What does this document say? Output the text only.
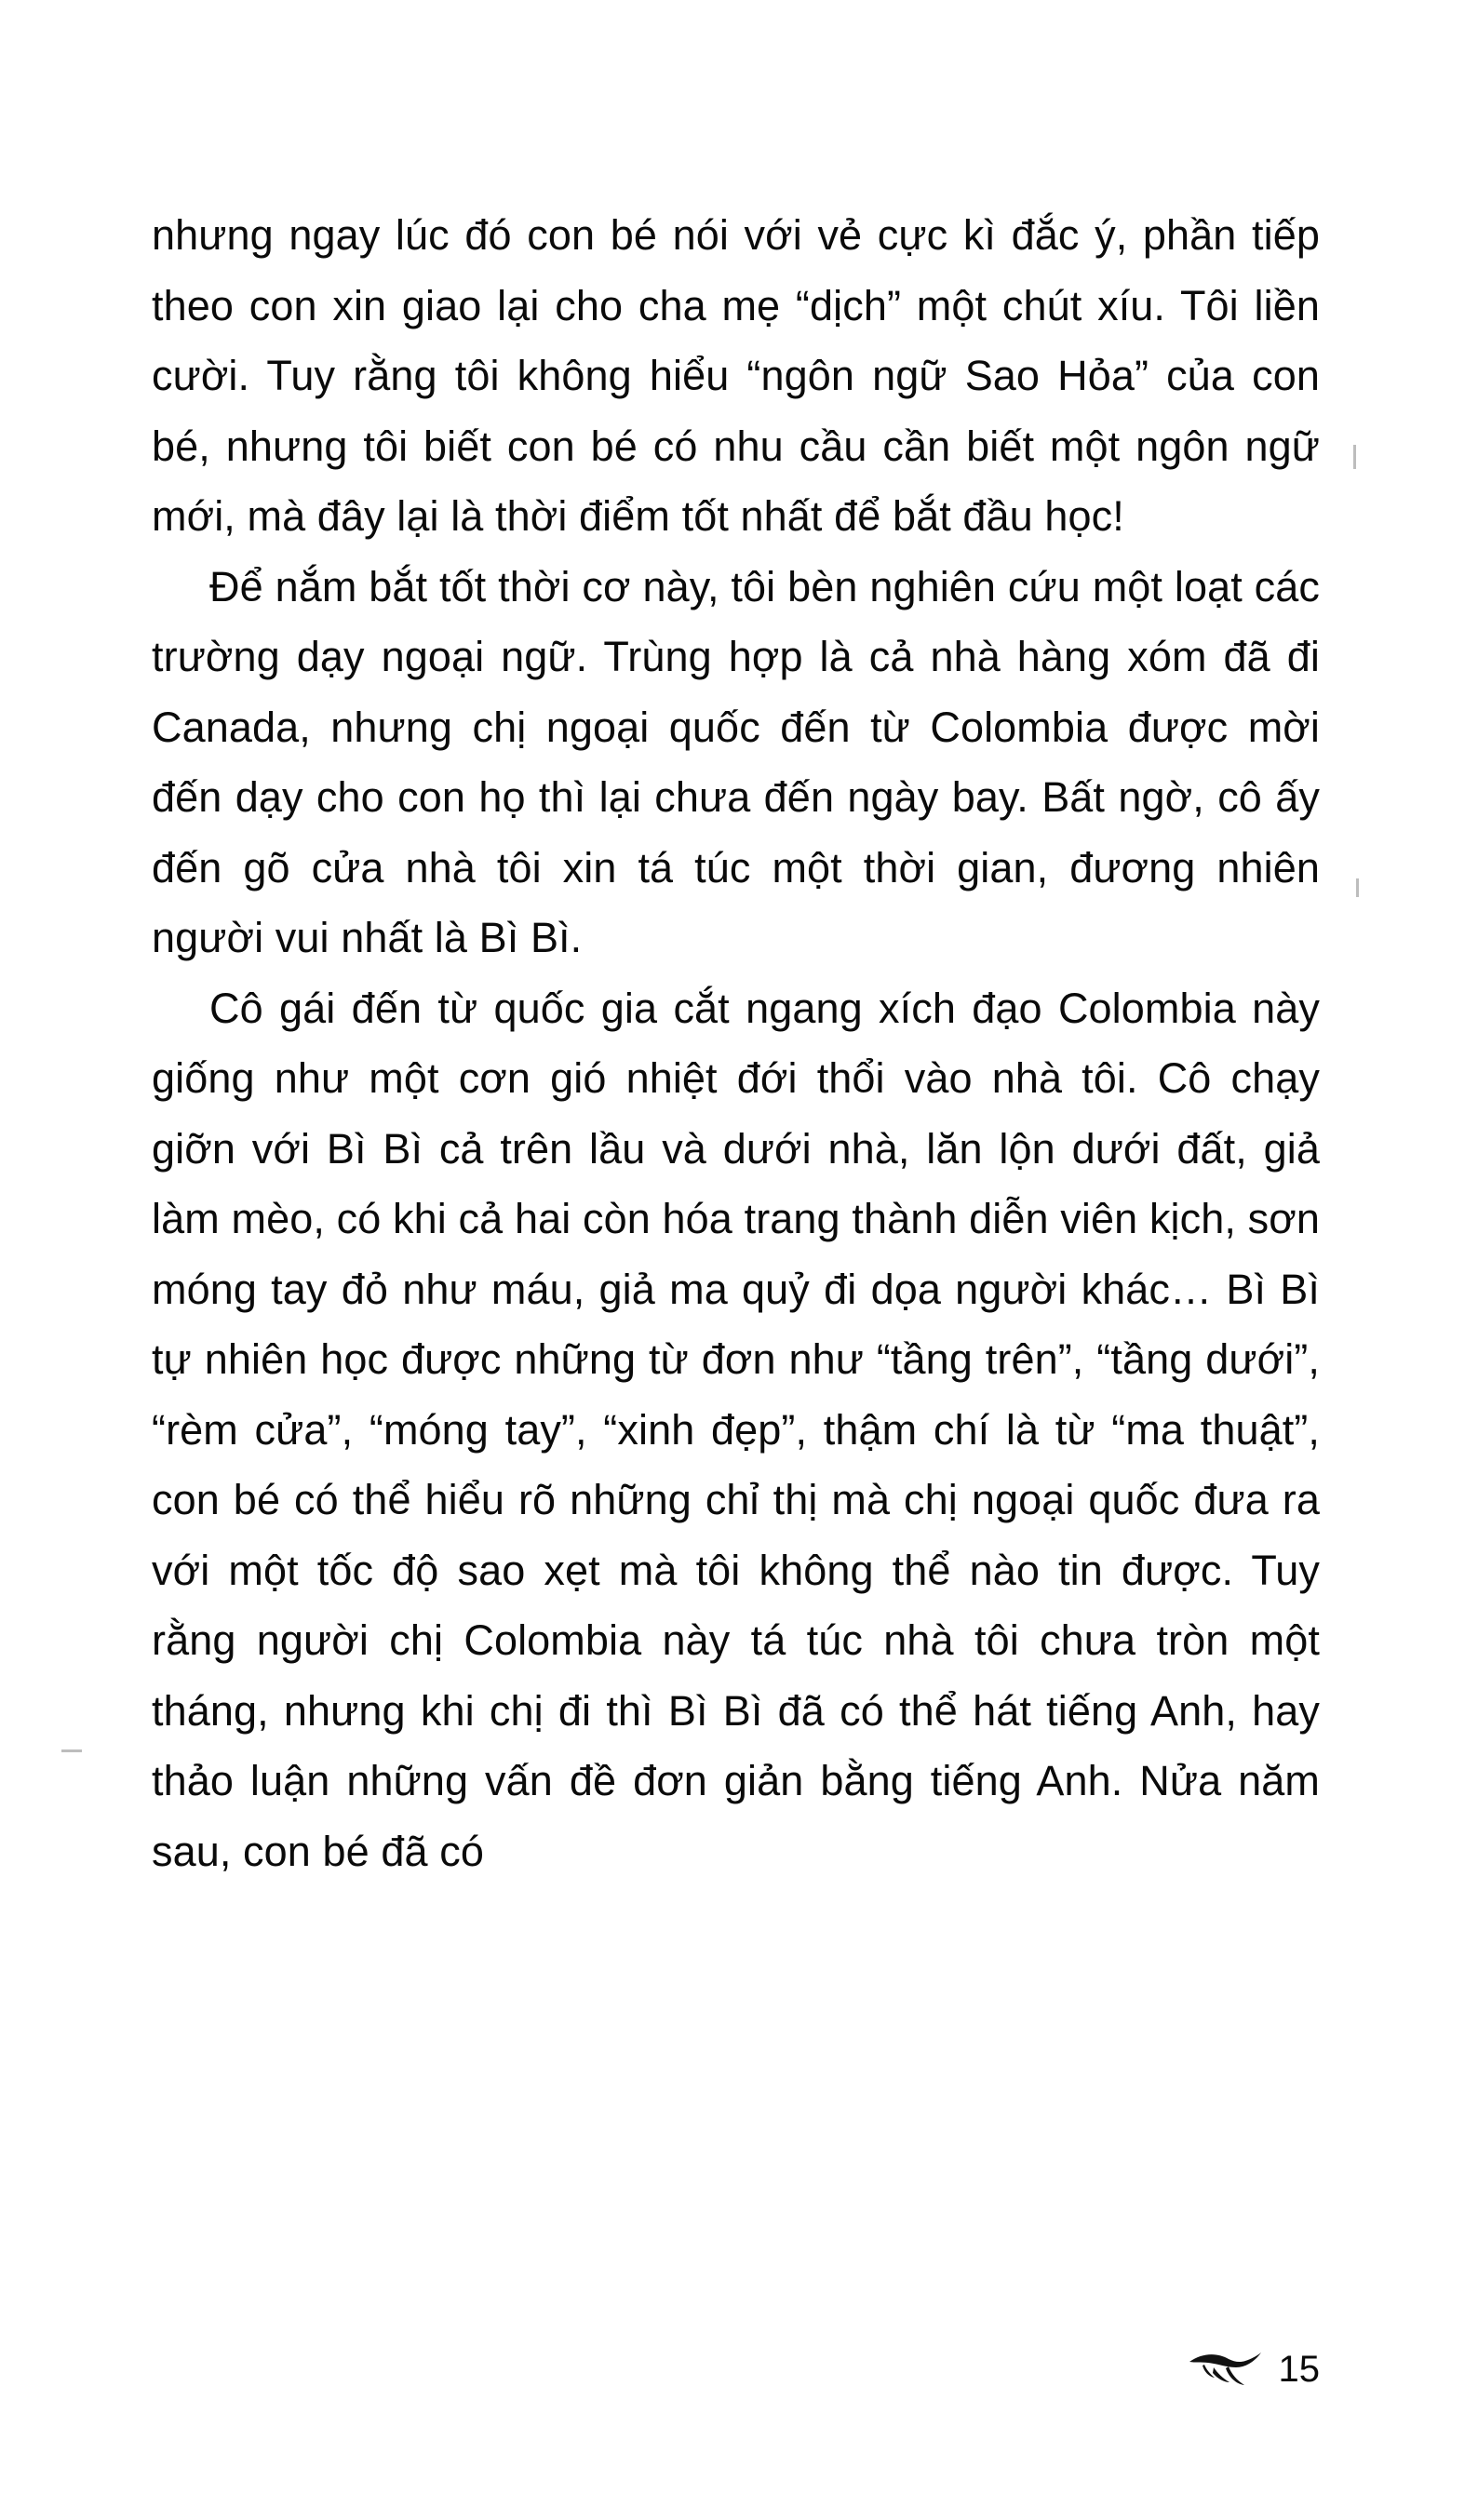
nhưng ngay lúc đó con bé nói với vẻ cực kì đắc ý, phần tiếp theo con xin giao lại cho cha mẹ “dịch” một chút xíu. Tôi liền cười. Tuy rằng tôi không hiểu “ngôn ngữ Sao Hỏa” của con bé, nhưng tôi biết con bé có nhu cầu cần biết một ngôn ngữ mới, mà đây lại là thời điểm tốt nhất để bắt đầu học!

Để nắm bắt tốt thời cơ này, tôi bèn nghiên cứu một loạt các trường dạy ngoại ngữ. Trùng hợp là cả nhà hàng xóm đã đi Canada, nhưng chị ngoại quốc đến từ Colombia được mời đến dạy cho con họ thì lại chưa đến ngày bay. Bất ngờ, cô ấy đến gõ cửa nhà tôi xin tá túc một thời gian, đương nhiên người vui nhất là Bì Bì.

Cô gái đến từ quốc gia cắt ngang xích đạo Colombia này giống như một cơn gió nhiệt đới thổi vào nhà tôi. Cô chạy giỡn với Bì Bì cả trên lầu và dưới nhà, lăn lộn dưới đất, giả làm mèo, có khi cả hai còn hóa trang thành diễn viên kịch, sơn móng tay đỏ như máu, giả ma quỷ đi dọa người khác… Bì Bì tự nhiên học được những từ đơn như “tầng trên”, “tầng dưới”, “rèm cửa”, “móng tay”, “xinh đẹp”, thậm chí là từ “ma thuật”, con bé có thể hiểu rõ những chỉ thị mà chị ngoại quốc đưa ra với một tốc độ sao xẹt mà tôi không thể nào tin được. Tuy rằng người chị Colombia này tá túc nhà tôi chưa tròn một tháng, nhưng khi chị đi thì Bì Bì đã có thể hát tiếng Anh, hay thảo luận những vấn đề đơn giản bằng tiếng Anh. Nửa năm sau, con bé đã có

15
